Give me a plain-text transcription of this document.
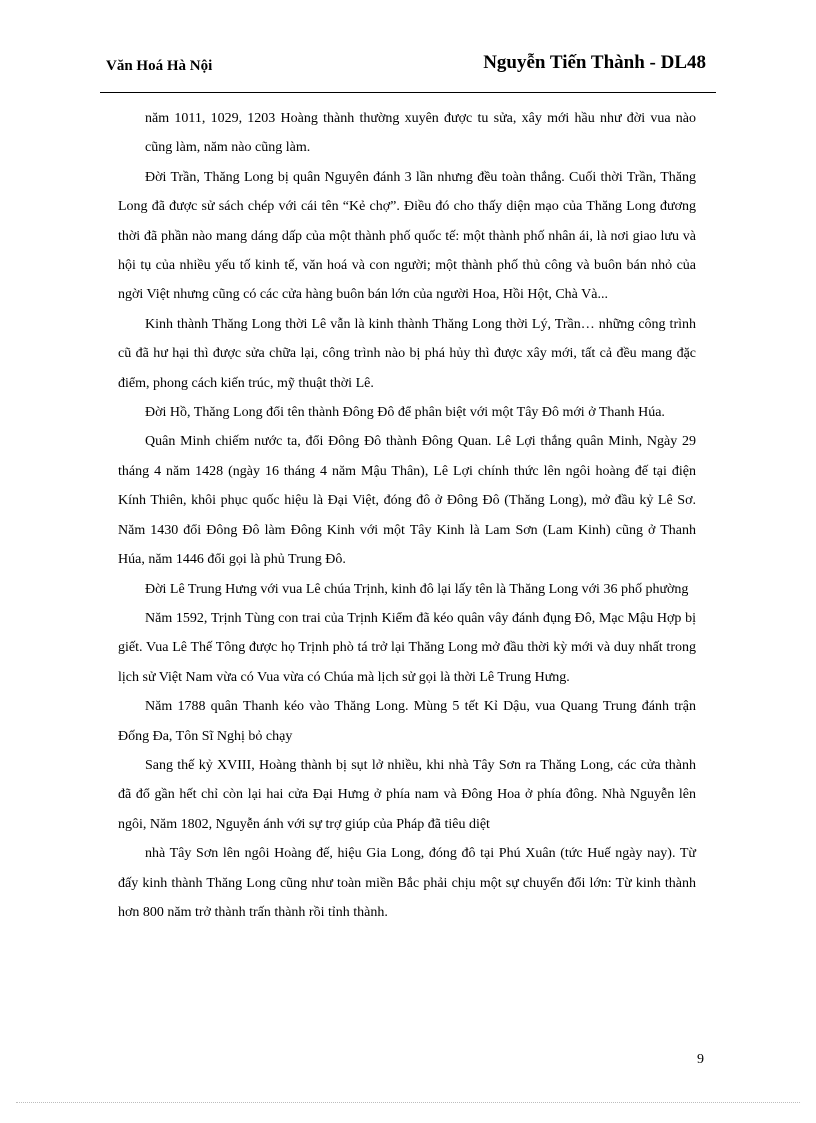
Văn Hoá Hà Nội	Nguyễn Tiến Thành - DL48

năm 1011, 1029, 1203 Hoàng thành thường xuyên được tu sửa, xây mới hầu như đời vua nào cũng làm, năm nào cũng làm.

Đời Trần, Thăng Long bị quân Nguyên đánh 3 lần nhưng đều toàn thắng. Cuối thời Trần, Thăng Long đã được sử sách chép với cái tên “Kẻ chợ”. Điều đó cho thấy diện mạo của Thăng Long đương thời đã phần nào mang dáng dấp của một thành phố quốc tế: một thành phố nhân ái, là nơi giao lưu và hội tụ của nhiều yếu tố kinh tế, văn hoá và con người; một thành phố thủ công và buôn bán nhỏ của ngời Việt nhưng cũng có các cửa hàng buôn bán lớn của người Hoa, Hồi Hột, Chà Và...

Kinh thành Thăng Long thời Lê vẫn là kinh thành Thăng Long thời Lý, Trần… những công trình cũ đã hư hại thì được sửa chữa lại, công trình nào bị phá hủy thì được xây mới, tất cả đều mang đặc điểm, phong cách kiến trúc, mỹ thuật thời Lê.

Đời Hồ, Thăng Long đổi tên thành Đông Đô để phân biệt với một Tây Đô mới ở Thanh Húa.

Quân Minh chiếm nước ta, đổi Đông Đô thành Đông Quan. Lê Lợi thắng quân Minh, Ngày 29 tháng 4 năm 1428 (ngày 16 tháng 4 năm Mậu Thân), Lê Lợi chính thức lên ngôi hoàng đế tại điện Kính Thiên, khôi phục quốc hiệu là Đại Việt, đóng đô ở Đông Đô (Thăng Long), mở đầu kỷ Lê Sơ. Năm 1430 đổi Đông Đô làm Đông Kinh với một Tây Kinh là Lam Sơn (Lam Kinh) cũng ở Thanh Húa, năm 1446 đổi gọi là phủ Trung Đô.

Đời Lê Trung Hưng với vua Lê chúa Trịnh, kinh đô lại lấy tên là Thăng Long với 36 phố phường

Năm 1592, Trịnh Tùng con trai của Trịnh Kiểm đã kéo quân vây đánh đụng Đô, Mạc Mậu Hợp bị giết. Vua Lê Thế Tông được họ Trịnh phò tá trở lại Thăng Long mở đầu thời kỳ mới và duy nhất trong lịch sử Việt Nam vừa có Vua vừa có Chúa mà lịch sử gọi là thời Lê Trung Hưng.

Năm 1788 quân Thanh kéo vào Thăng Long. Mùng 5 tết Kỉ Dậu, vua Quang Trung đánh trận Đống Đa, Tôn Sĩ Nghị bỏ chạy

Sang thế kỷ XVIII, Hoàng thành bị sụt lở nhiều, khi nhà Tây Sơn ra Thăng Long, các cửa thành đã đổ gần hết chỉ còn lại hai cửa Đại Hưng ở phía nam và Đông Hoa ở phía đông. Nhà Nguyễn lên ngôi, Năm 1802, Nguyễn ánh với sự trợ giúp của Pháp đã tiêu diệt

nhà Tây Sơn lên ngôi Hoàng đế, hiệu Gia Long, đóng đô tại Phú Xuân (tức Huế ngày nay). Từ đấy kinh thành Thăng Long cũng như toàn miền Bắc phải chịu một sự chuyển đổi lớn: Từ kinh thành hơn 800 năm trở thành trấn thành rồi tỉnh thành.

9
